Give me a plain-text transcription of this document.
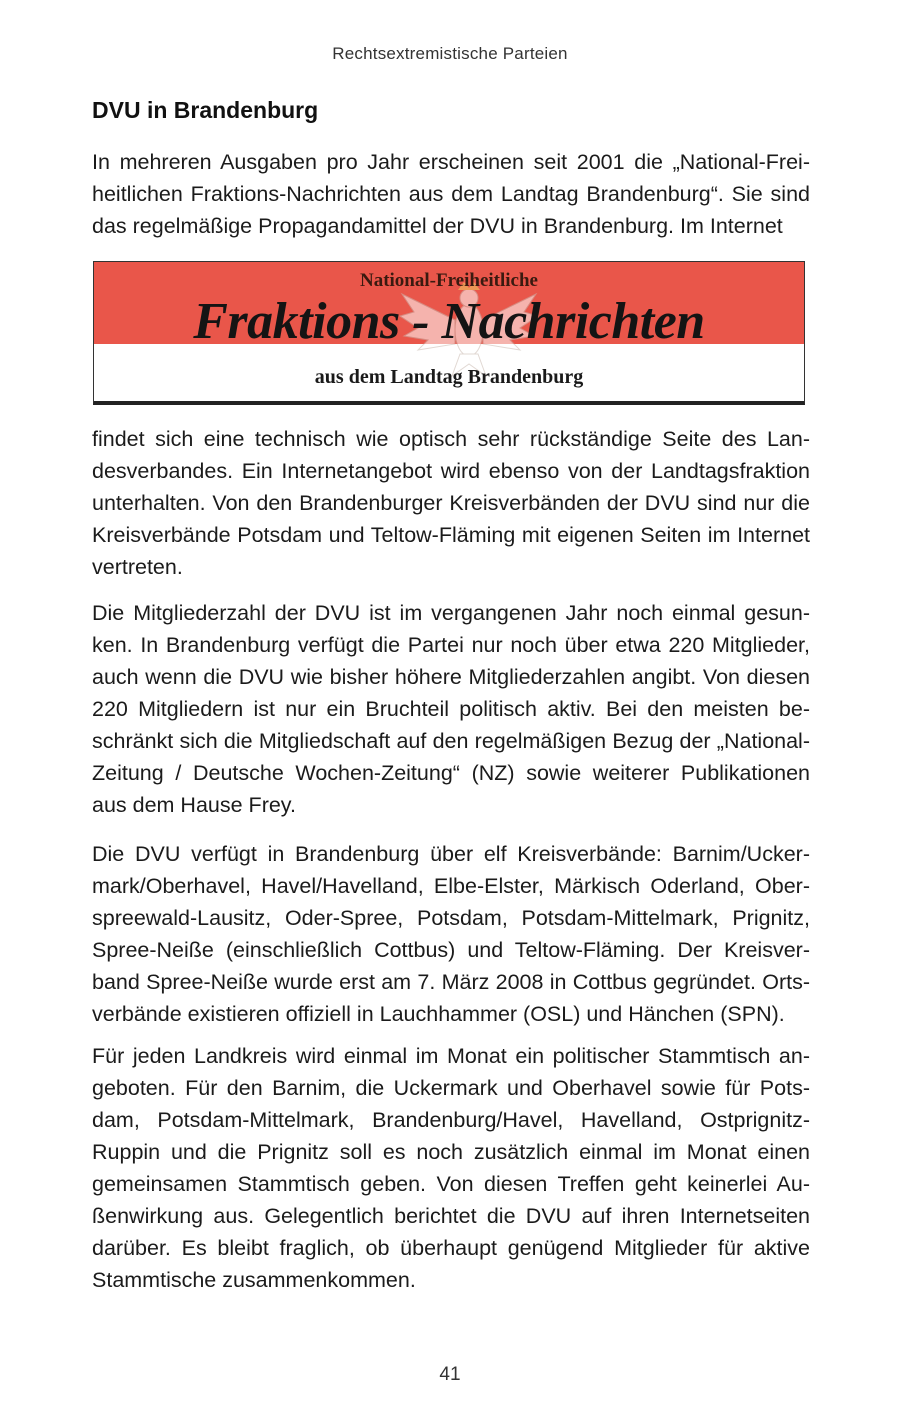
Rechtsextremistische Parteien
DVU in Brandenburg

In mehreren Ausgaben pro Jahr erscheinen seit 2001 die „National-Freiheitlichen Fraktions-Nachrichten aus dem Landtag Brandenburg“. Sie sind das regelmäßige Propagandamittel der DVU in Brandenburg. Im Internet

National-Freiheitliche
Fraktions - Nachrichten
aus dem Landtag Brandenburg

findet sich eine technisch wie optisch sehr rückständige Seite des Landesverbandes. Ein Internetangebot wird ebenso von der Landtagsfraktion unterhalten. Von den Brandenburger Kreisverbänden der DVU sind nur die Kreisverbände Potsdam und Teltow-Fläming mit eigenen Seiten im Internet vertreten.

Die Mitgliederzahl der DVU ist im vergangenen Jahr noch einmal gesunken. In Brandenburg verfügt die Partei nur noch über etwa 220 Mitglieder, auch wenn die DVU wie bisher höhere Mitgliederzahlen angibt. Von diesen 220 Mitgliedern ist nur ein Bruchteil politisch aktiv. Bei den meisten beschränkt sich die Mitgliedschaft auf den regelmäßigen Bezug der „National-Zeitung / Deutsche Wochen-Zeitung“ (NZ) sowie weiterer Publikationen aus dem Hause Frey.

Die DVU verfügt in Brandenburg über elf Kreisverbände: Barnim/Uckermark/Oberhavel, Havel/Havelland, Elbe-Elster, Märkisch Oderland, Oberspreewald-Lausitz, Oder-Spree, Potsdam, Potsdam-Mittelmark, Prignitz, Spree-Neiße (einschließlich Cottbus) und Teltow-Fläming. Der Kreisverband Spree-Neiße wurde erst am 7. März 2008 in Cottbus gegründet. Ortsverbände existieren offiziell in Lauchhammer (OSL) und Hänchen (SPN).

Für jeden Landkreis wird einmal im Monat ein politischer Stammtisch angeboten. Für den Barnim, die Uckermark und Oberhavel sowie für Potsdam, Potsdam-Mittelmark, Brandenburg/Havel, Havelland, Ostprignitz-Ruppin und die Prignitz soll es noch zusätzlich einmal im Monat einen gemeinsamen Stammtisch geben. Von diesen Treffen geht keinerlei Außenwirkung aus. Gelegentlich berichtet die DVU auf ihren Internetseiten darüber. Es bleibt fraglich, ob überhaupt genügend Mitglieder für aktive Stammtische zusammenkommen.

41
